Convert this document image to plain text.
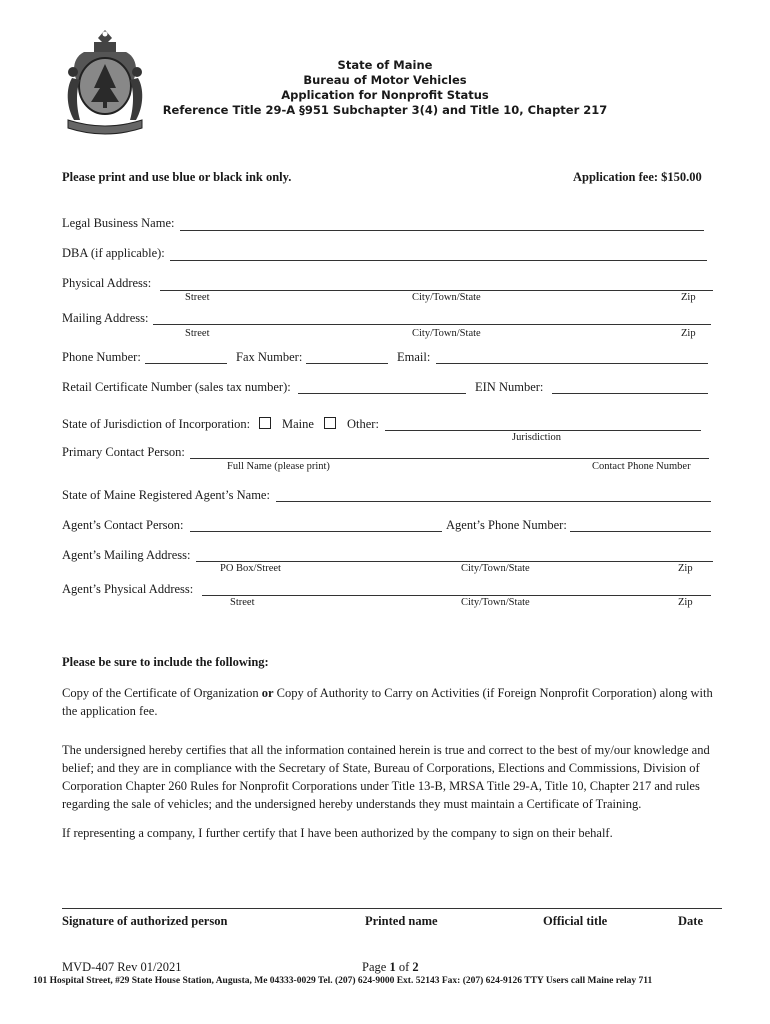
State of Maine
Bureau of Motor Vehicles
Application for Nonprofit Status
Reference Title 29-A §951 Subchapter 3(4) and Title 10, Chapter 217
Please print and use blue or black ink only.	Application fee: $150.00
Legal Business Name:
DBA (if applicable):
Physical Address:
Street	City/Town/State	Zip
Mailing Address:
Street	City/Town/State	Zip
Phone Number:	Fax Number:	Email:
Retail Certificate Number (sales tax number):	EIN Number:
State of Jurisdiction of Incorporation:	Maine	Other:
Jurisdiction
Primary Contact Person:
Full Name (please print)	Contact Phone Number
State of Maine Registered Agent’s Name:
Agent’s Contact Person:	Agent’s Phone Number:
Agent’s Mailing Address:
PO Box/Street	City/Town/State	Zip
Agent’s Physical Address:
Street	City/Town/State	Zip
Please be sure to include the following:
Copy of the Certificate of Organization or Copy of Authority to Carry on Activities (if Foreign Nonprofit Corporation) along with the application fee.
The undersigned hereby certifies that all the information contained herein is true and correct to the best of my/our knowledge and belief; and they are in compliance with the Secretary of State, Bureau of Corporations, Elections and Commissions, Division of Corporation Chapter 260 Rules for Nonprofit Corporations under Title 13-B, MRSA Title 29-A, Title 10, Chapter 217 and rules regarding the sale of vehicles; and the undersigned hereby understands they must maintain a Certificate of Training.
If representing a company, I further certify that I have been authorized by the company to sign on their behalf.
Signature of authorized person	Printed name	Official title	Date
MVD-407 Rev 01/2021	Page 1 of 2
101 Hospital Street, #29 State House Station, Augusta, Me 04333-0029 Tel. (207) 624-9000 Ext. 52143 Fax: (207) 624-9126 TTY Users call Maine relay 711
